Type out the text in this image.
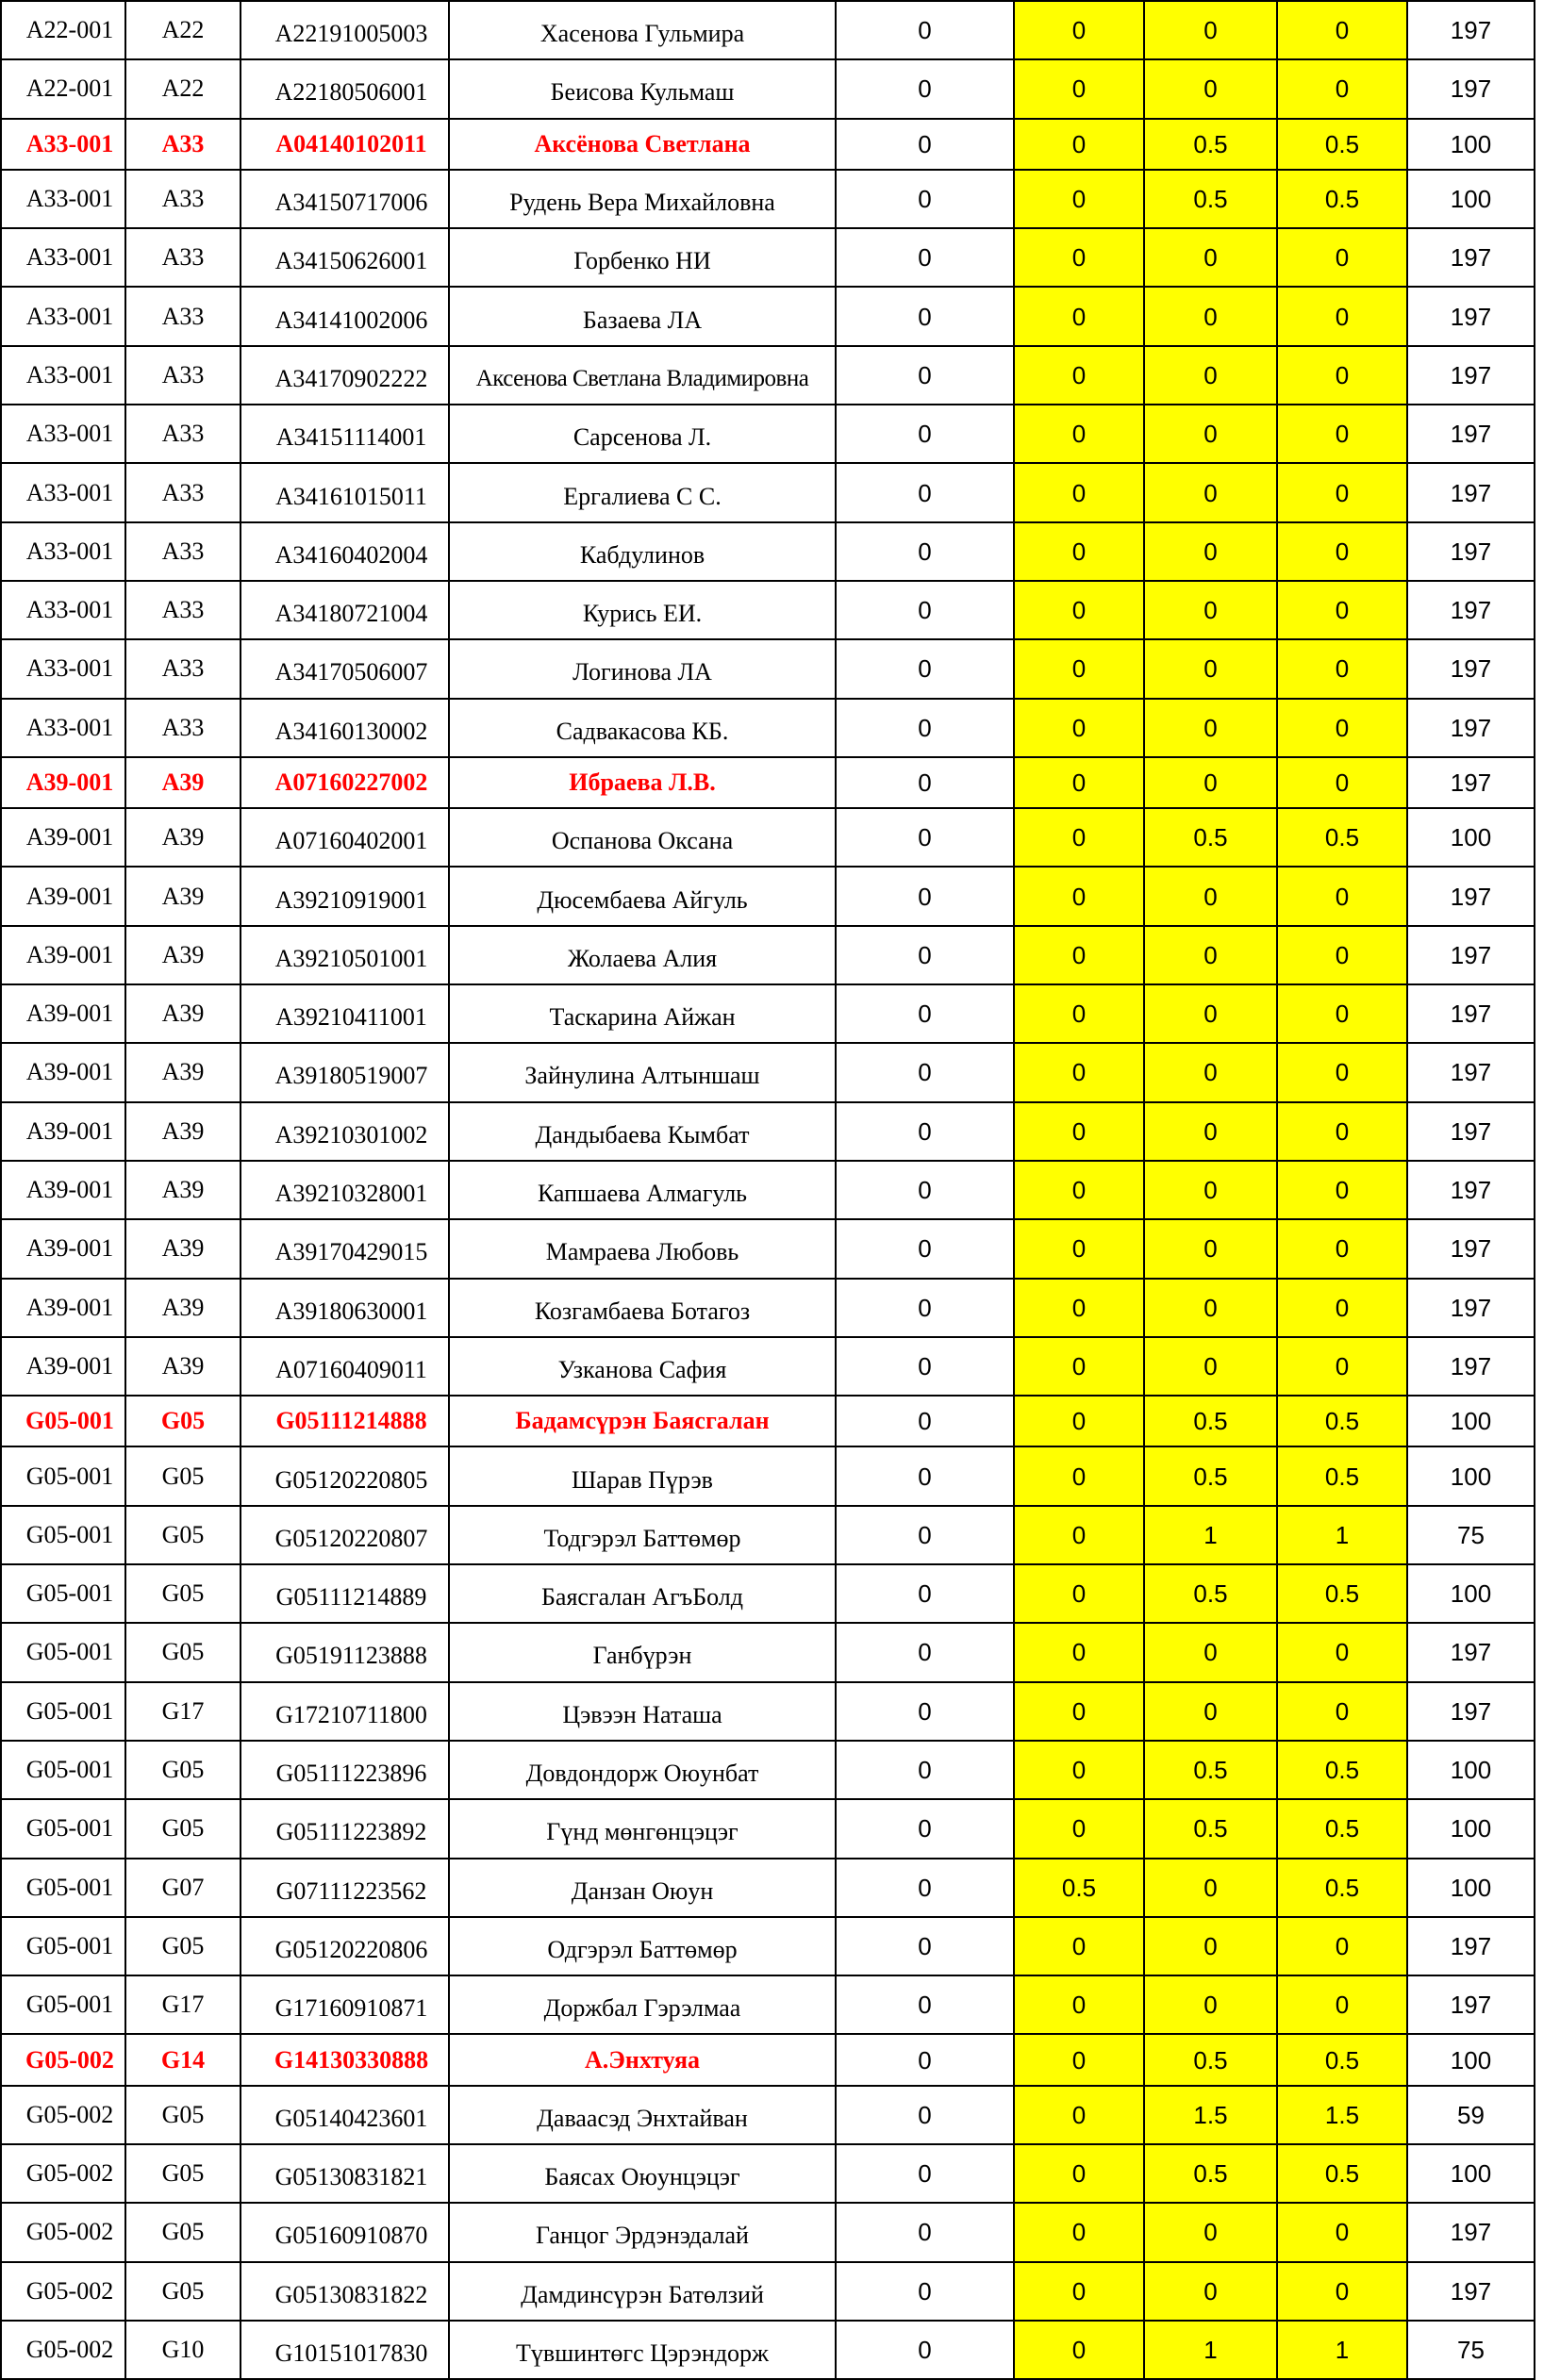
A22-001	A22	A22191005003	Хасенова Гульмира	0	0	0	0	197
A22-001	A22	A22180506001	Беисова Кульмаш	0	0	0	0	197
A33-001	A33	A04140102011	Аксёнова Светлана	0	0	0.5	0.5	100
A33-001	A33	A34150717006	Рудень Вера Михайловна	0	0	0.5	0.5	100
A33-001	A33	A34150626001	Горбенко НИ	0	0	0	0	197
A33-001	A33	A34141002006	Базаева ЛА	0	0	0	0	197
A33-001	A33	A34170902222	Аксенова Светлана Владимировна	0	0	0	0	197
A33-001	A33	A34151114001	Сарсенова Л.	0	0	0	0	197
A33-001	A33	A34161015011	Ергалиева С С.	0	0	0	0	197
A33-001	A33	A34160402004	Кабдулинов	0	0	0	0	197
A33-001	A33	A34180721004	Курись ЕИ.	0	0	0	0	197
A33-001	A33	A34170506007	Логинова ЛА	0	0	0	0	197
A33-001	A33	A34160130002	Садвакасова КБ.	0	0	0	0	197
A39-001	A39	A07160227002	Ибраева Л.В.	0	0	0	0	197
A39-001	A39	A07160402001	Оспанова Оксана	0	0	0.5	0.5	100
A39-001	A39	A39210919001	Дюсембаева Айгуль	0	0	0	0	197
A39-001	A39	A39210501001	Жолаева Алия	0	0	0	0	197
A39-001	A39	A39210411001	Таскарина Айжан	0	0	0	0	197
A39-001	A39	A39180519007	Зайнулина Алтыншаш	0	0	0	0	197
A39-001	A39	A39210301002	Дандыбаева Кымбат	0	0	0	0	197
A39-001	A39	A39210328001	Капшаева Алмагуль	0	0	0	0	197
A39-001	A39	A39170429015	Мамраева Любовь	0	0	0	0	197
A39-001	A39	A39180630001	Козгамбаева Ботагоз	0	0	0	0	197
A39-001	A39	A07160409011	Узканова Сафия	0	0	0	0	197
G05-001	G05	G05111214888	Бадамсүрэн Баясгалан	0	0	0.5	0.5	100
G05-001	G05	G05120220805	Шарав Пүрэв	0	0	0.5	0.5	100
G05-001	G05	G05120220807	Тодгэрэл Баттөмөр	0	0	1	1	75
G05-001	G05	G05111214889	Баясгалан АгъБолд	0	0	0.5	0.5	100
G05-001	G05	G05191123888	Ганбүрэн	0	0	0	0	197
G05-001	G17	G17210711800	Цэвээн Наташа	0	0	0	0	197
G05-001	G05	G05111223896	Довдондорж Оюунбат	0	0	0.5	0.5	100
G05-001	G05	G05111223892	Гүнд мөнгөнцэцэг	0	0	0.5	0.5	100
G05-001	G07	G07111223562	Данзан Оюун	0	0.5	0	0.5	100
G05-001	G05	G05120220806	Одгэрэл Баттөмөр	0	0	0	0	197
G05-001	G17	G17160910871	Доржбал Гэрэлмаа	0	0	0	0	197
G05-002	G14	G14130330888	А.Энхтуяа	0	0	0.5	0.5	100
G05-002	G05	G05140423601	Даваасэд Энхтайван	0	0	1.5	1.5	59
G05-002	G05	G05130831821	Баясах Оюунцэцэг	0	0	0.5	0.5	100
G05-002	G05	G05160910870	Ганцог Эрдэнэдалай	0	0	0	0	197
G05-002	G05	G05130831822	Дамдинсүрэн Батөлзий	0	0	0	0	197
G05-002	G10	G10151017830	Түвшинтөгс Цэрэндорж	0	0	1	1	75
